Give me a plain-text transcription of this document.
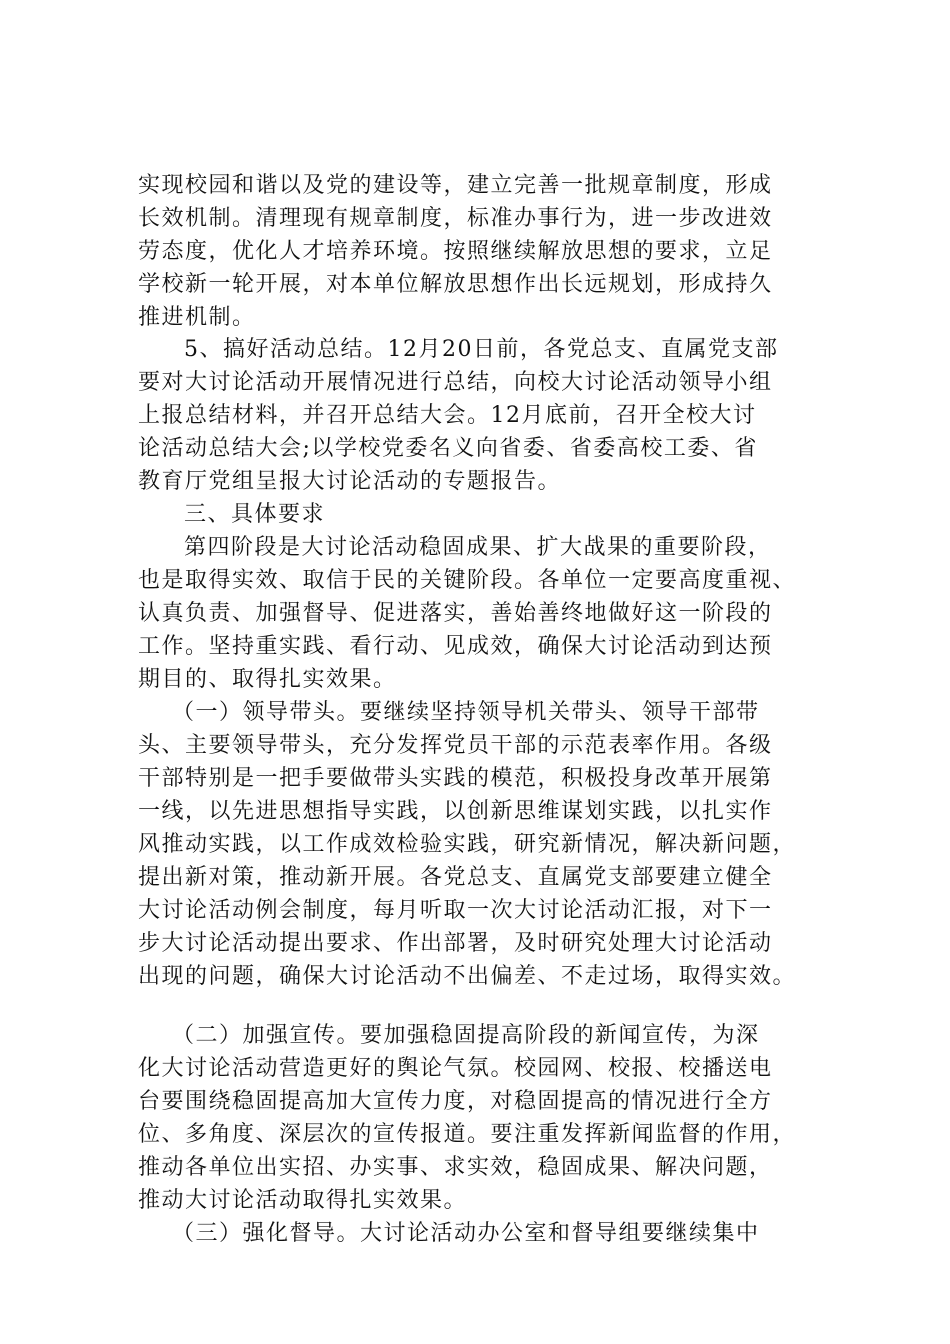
实现校园和谐以及党的建设等，建立完善一批规章制度，形成
长效机制。清理现有规章制度，标准办事行为，进一步改进效
劳态度，优化人才培养环境。按照继续解放思想的要求，立足
学校新一轮开展，对本单位解放思想作出长远规划，形成持久
推进机制。
5、搞好活动总结。12月20日前，各党总支、直属党支部
要对大讨论活动开展情况进行总结，向校大讨论活动领导小组
上报总结材料，并召开总结大会。12月底前，召开全校大讨
论活动总结大会;以学校党委名义向省委、省委高校工委、省
教育厅党组呈报大讨论活动的专题报告。
三、具体要求
第四阶段是大讨论活动稳固成果、扩大战果的重要阶段，
也是取得实效、取信于民的关键阶段。各单位一定要高度重视、
认真负责、加强督导、促进落实，善始善终地做好这一阶段的
工作。坚持重实践、看行动、见成效，确保大讨论活动到达预
期目的、取得扎实效果。
（一）领导带头。要继续坚持领导机关带头、领导干部带
头、主要领导带头，充分发挥党员干部的示范表率作用。各级
干部特别是一把手要做带头实践的模范，积极投身改革开展第
一线，以先进思想指导实践，以创新思维谋划实践，以扎实作
风推动实践，以工作成效检验实践，研究新情况，解决新问题，
提出新对策，推动新开展。各党总支、直属党支部要建立健全
大讨论活动例会制度，每月听取一次大讨论活动汇报，对下一
步大讨论活动提出要求、作出部署，及时研究处理大讨论活动
出现的问题，确保大讨论活动不出偏差、不走过场，取得实效。
（二）加强宣传。要加强稳固提高阶段的新闻宣传，为深
化大讨论活动营造更好的舆论气氛。校园网、校报、校播送电
台要围绕稳固提高加大宣传力度，对稳固提高的情况进行全方
位、多角度、深层次的宣传报道。要注重发挥新闻监督的作用，
推动各单位出实招、办实事、求实效，稳固成果、解决问题，
推动大讨论活动取得扎实效果。
（三）强化督导。大讨论活动办公室和督导组要继续集中
